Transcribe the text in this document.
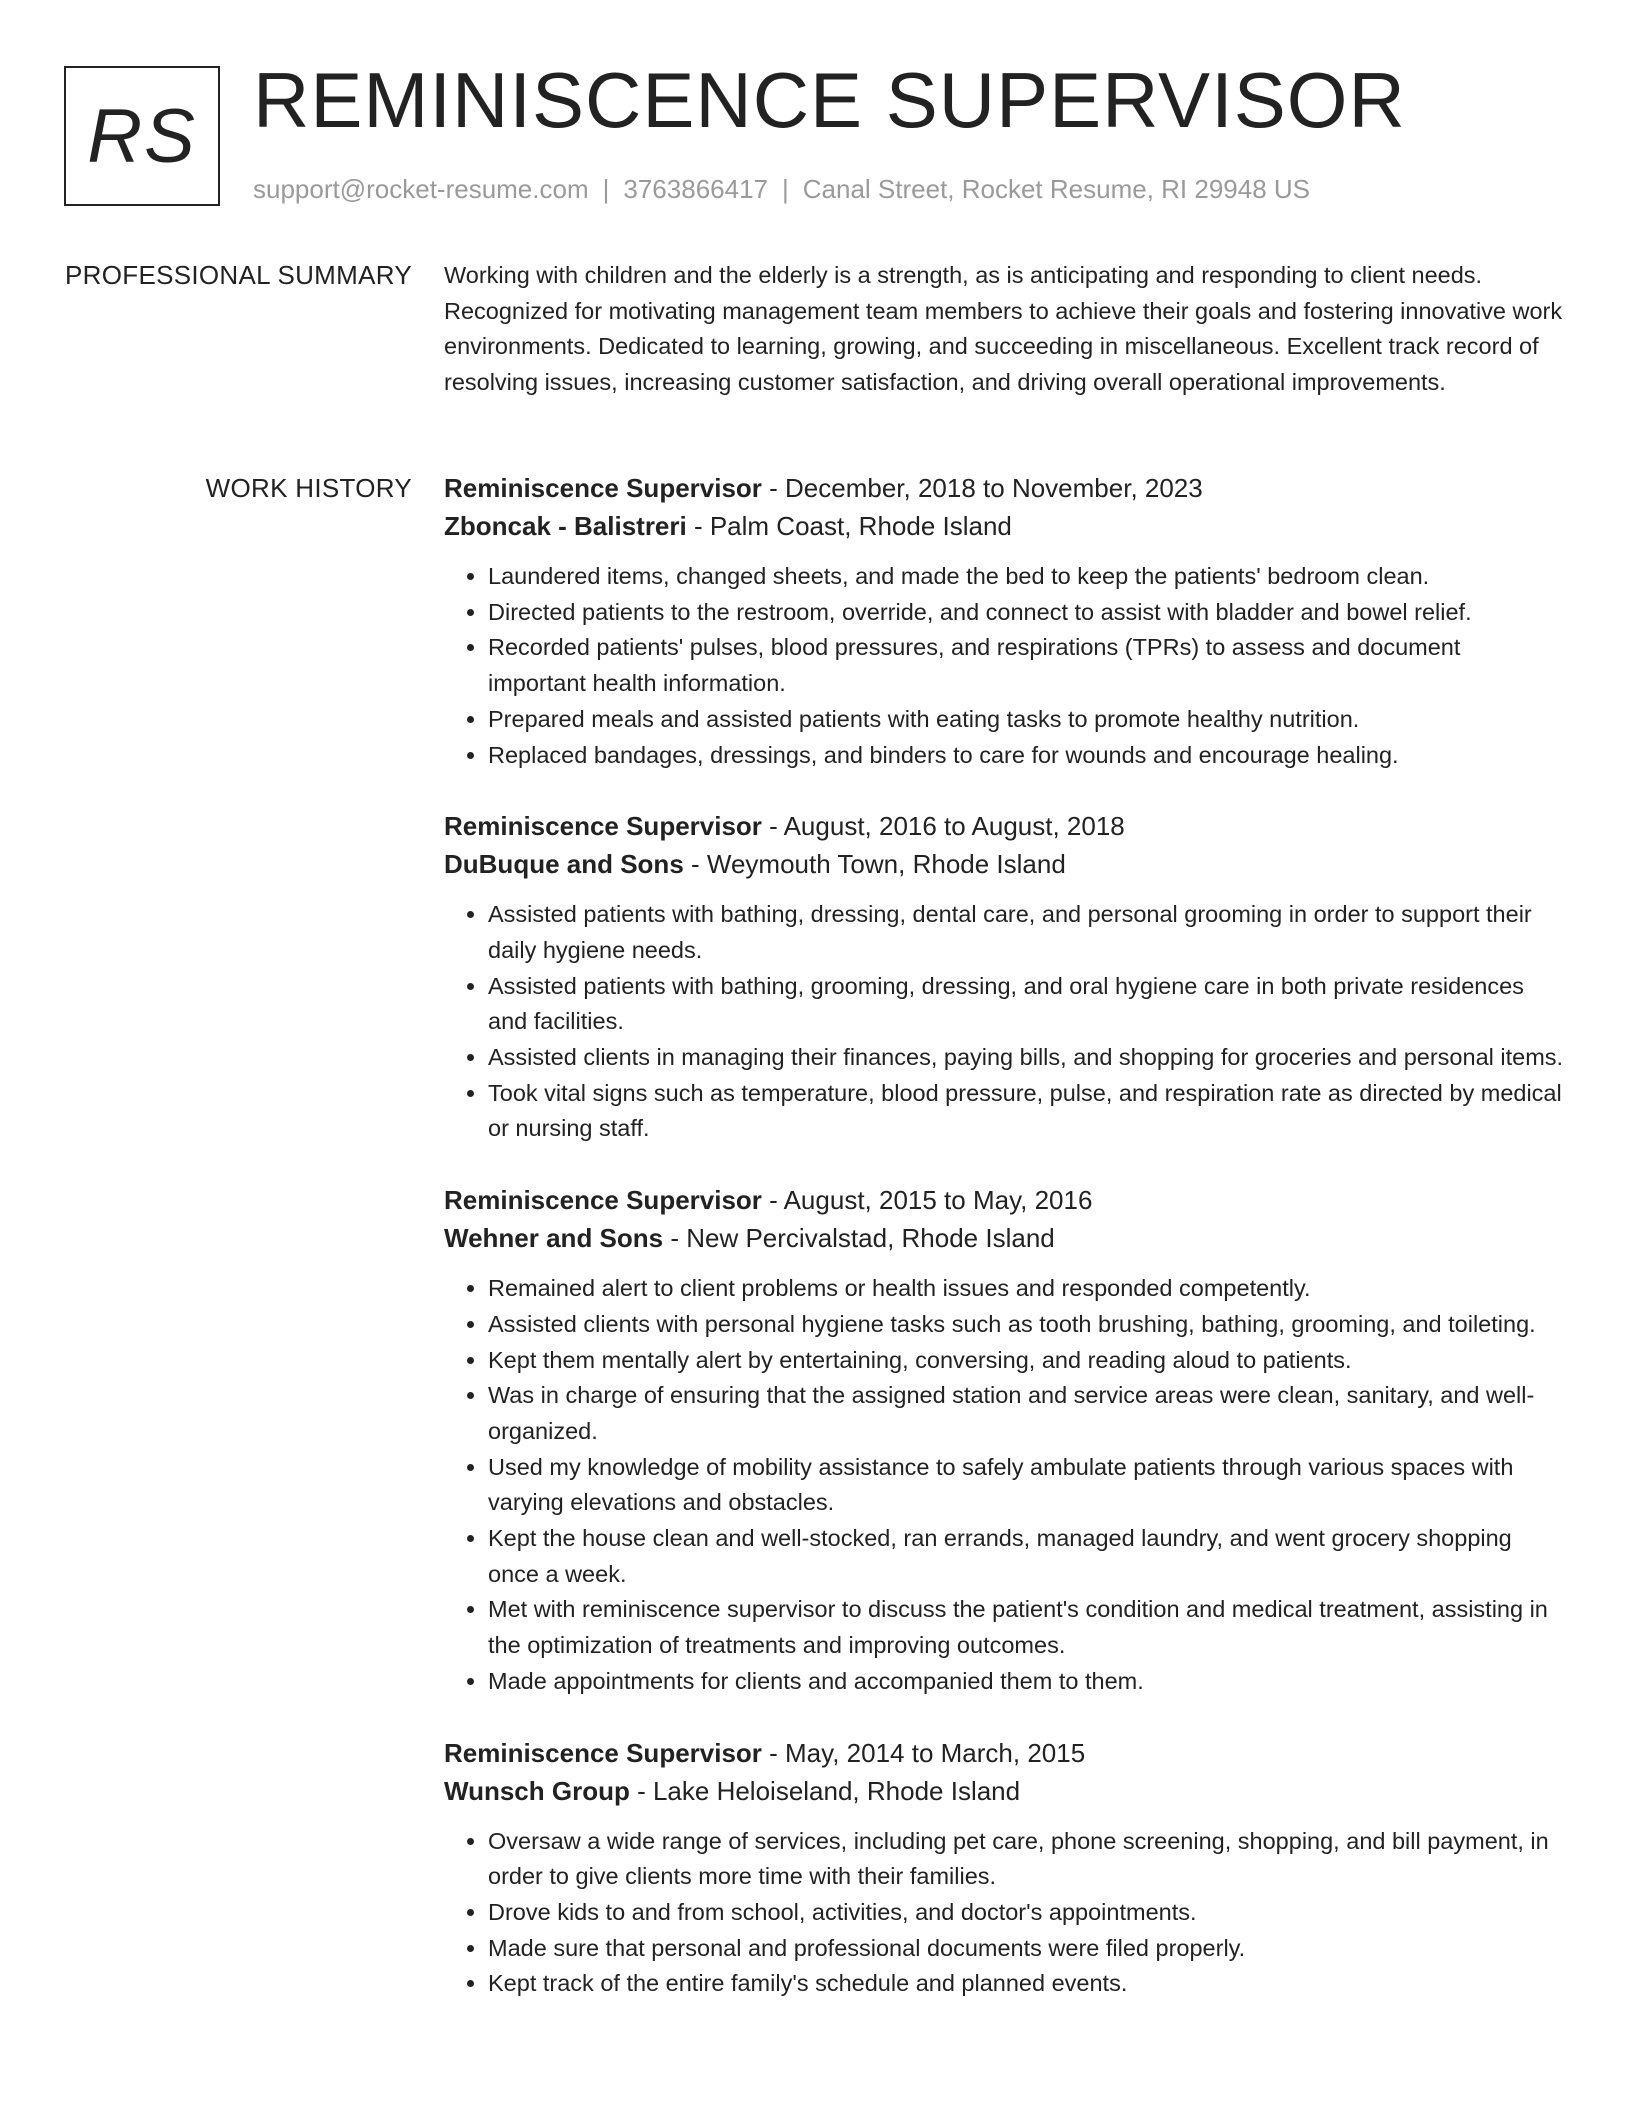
RS REMINISCENCE SUPERVISOR
support@rocket-resume.com | 3763866417 | Canal Street, Rocket Resume, RI 29948 US
PROFESSIONAL SUMMARY Working with children and the elderly is a strength, as is anticipating and responding to client needs. Recognized for motivating management team members to achieve their goals and fostering innovative work environments. Dedicated to learning, growing, and succeeding in miscellaneous. Excellent track record of resolving issues, increasing customer satisfaction, and driving overall operational improvements.

WORK HISTORY Reminiscence Supervisor - December, 2018 to November, 2023
Zboncak - Balistreri - Palm Coast, Rhode Island
• Laundered items, changed sheets, and made the bed to keep the patients' bedroom clean.
• Directed patients to the restroom, override, and connect to assist with bladder and bowel relief.
• Recorded patients' pulses, blood pressures, and respirations (TPRs) to assess and document important health information.
• Prepared meals and assisted patients with eating tasks to promote healthy nutrition.
• Replaced bandages, dressings, and binders to care for wounds and encourage healing.
Reminiscence Supervisor - August, 2016 to August, 2018
DuBuque and Sons - Weymouth Town, Rhode Island
• Assisted patients with bathing, dressing, dental care, and personal grooming in order to support their daily hygiene needs.
• Assisted patients with bathing, grooming, dressing, and oral hygiene care in both private residences and facilities.
• Assisted clients in managing their finances, paying bills, and shopping for groceries and personal items.
• Took vital signs such as temperature, blood pressure, pulse, and respiration rate as directed by medical or nursing staff.
Reminiscence Supervisor - August, 2015 to May, 2016
Wehner and Sons - New Percivalstad, Rhode Island
• Remained alert to client problems or health issues and responded competently.
• Assisted clients with personal hygiene tasks such as tooth brushing, bathing, grooming, and toileting.
• Kept them mentally alert by entertaining, conversing, and reading aloud to patients.
• Was in charge of ensuring that the assigned station and service areas were clean, sanitary, and well-organized.
• Used my knowledge of mobility assistance to safely ambulate patients through various spaces with varying elevations and obstacles.
• Kept the house clean and well-stocked, ran errands, managed laundry, and went grocery shopping once a week.
• Met with reminiscence supervisor to discuss the patient's condition and medical treatment, assisting in the optimization of treatments and improving outcomes.
• Made appointments for clients and accompanied them to them.
Reminiscence Supervisor - May, 2014 to March, 2015
Wunsch Group - Lake Heloiseland, Rhode Island
• Oversaw a wide range of services, including pet care, phone screening, shopping, and bill payment, in order to give clients more time with their families.
• Drove kids to and from school, activities, and doctor's appointments.
• Made sure that personal and professional documents were filed properly.
• Kept track of the entire family's schedule and planned events.
